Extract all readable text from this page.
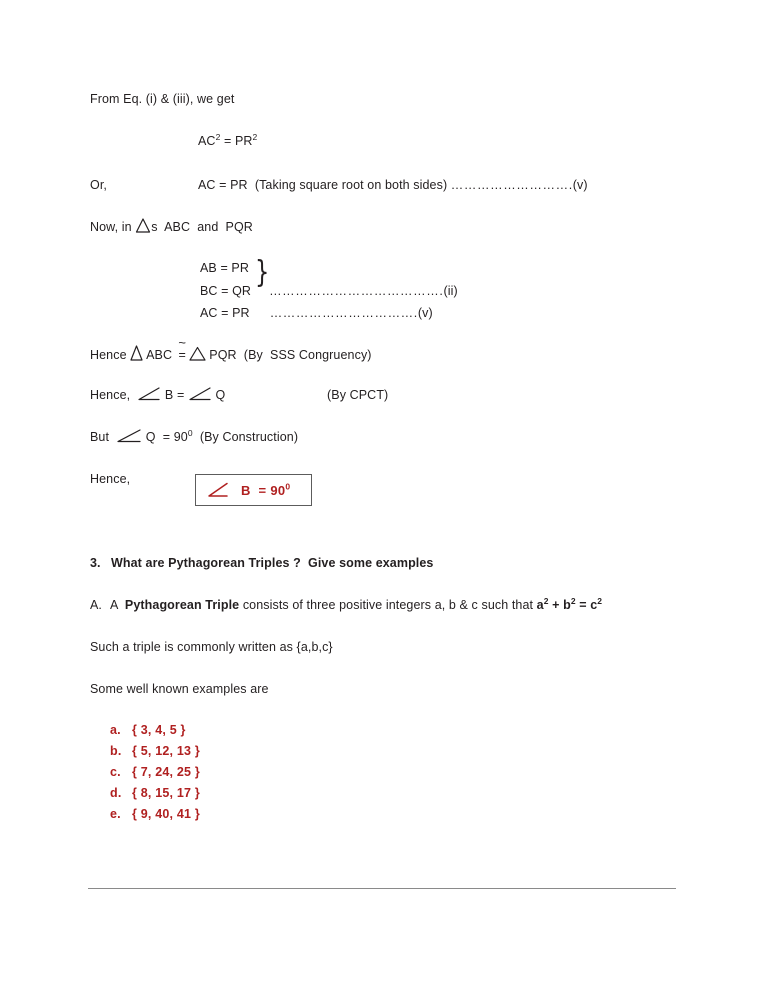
From Eq. (i) & (iii), we get
$AC^2 = PR^2$
Or,	AC = PR  (Taking square root on both sides) ……………………….(v)
Now, in
s  ABC  and  PQR
AB = PR }
BC = QR ………………………………….(ii)
AC = PR …………………………….(v)
Hence
ABC
~
=
PQR  (By  SSS Congruency)
Hence,
B =
Q	(By CPCT)
But
$Q = 90^0$  (By Construction)
Hence,
$B = 90^0$
3. What are Pythagorean Triples ?  Give some examples
A. A  Pythagorean Triple consists of three positive integers a, b & c such that $a^2 + b^2 = c^2$
Such a triple is commonly written as {a,b,c}
Some well known examples are
a. { 3, 4, 5 }
b. { 5, 12, 13 }
c. { 7, 24, 25 }
d. { 8, 15, 17 }
e. { 9, 40, 41 }
